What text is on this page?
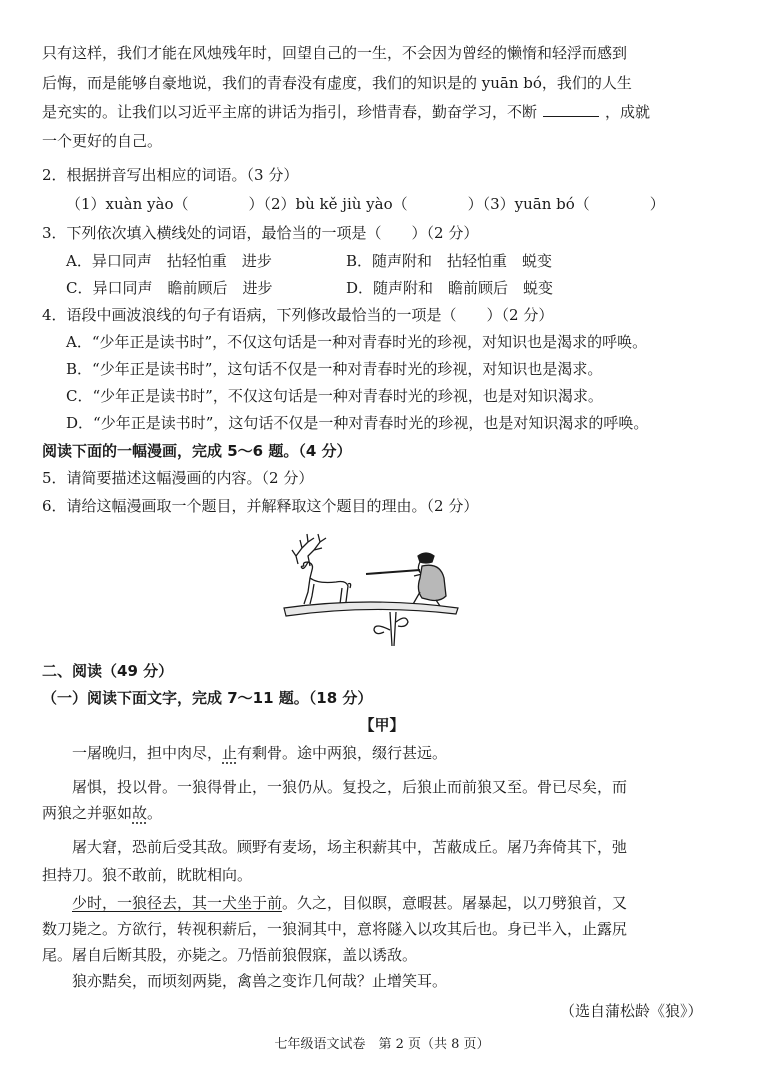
只有这样，我们才能在风烛残年时，回望自己的一生，不会因为曾经的懒惰和轻浮而感到
后悔，而是能够自豪地说，我们的青春没有虚度，我们的知识是的 yuān bó，我们的人生
是充实的。让我们以习近平主席的讲话为指引，珍惜青春，勤奋学习，不断	，成就
一个更好的自己。
2．根据拼音写出相应的词语。（3 分）
（1）xuàn yào（　　　　）（2）bù kě jiù yào（　　　　）（3）yuān bó（　　　　）
3．下列依次填入横线处的词语，最恰当的一项是（　　）（2 分）
A．异口同声　拈轻怕重　进步	B．随声附和　拈轻怕重　蜕变
C．异口同声　瞻前顾后　进步	D．随声附和　瞻前顾后　蜕变
4．语段中画波浪线的句子有语病，下列修改最恰当的一项是（　　）（2 分）
A．“少年正是读书时”，不仅这句话是一种对青春时光的珍视，对知识也是渴求的呼唤。
B．“少年正是读书时”，这句话不仅是一种对青春时光的珍视，对知识也是渴求。
C．“少年正是读书时”，不仅这句话是一种对青春时光的珍视，也是对知识渴求。
D．“少年正是读书时”，这句话不仅是一种对青春时光的珍视，也是对知识渴求的呼唤。
阅读下面的一幅漫画，完成 5～6 题。（4 分）
5．请简要描述这幅漫画的内容。（2 分）
6．请给这幅漫画取一个题目，并解释取这个题目的理由。（2 分）
二、阅读（49 分）
（一）阅读下面文字，完成 7～11 题。（18 分）
【甲】
一屠晚归，担中肉尽，止有剩骨。途中两狼，缀行甚远。
屠惧，投以骨。一狼得骨止，一狼仍从。复投之，后狼止而前狼又至。骨已尽矣，而
两狼之并驱如故。
屠大窘，恐前后受其敌。顾野有麦场，场主积薪其中，苫蔽成丘。屠乃奔倚其下，弛
担持刀。狼不敢前，眈眈相向。
少时，一狼径去，其一犬坐于前。久之，目似瞑，意暇甚。屠暴起，以刀劈狼首，又
数刀毙之。方欲行，转视积薪后，一狼洞其中，意将隧入以攻其后也。身已半入，止露尻
尾。屠自后断其股，亦毙之。乃悟前狼假寐，盖以诱敌。
狼亦黠矣，而顷刻两毙，禽兽之变诈几何哉？止增笑耳。
（选自蒲松龄《狼》）
七年级语文试卷　第 2 页（共 8 页）
